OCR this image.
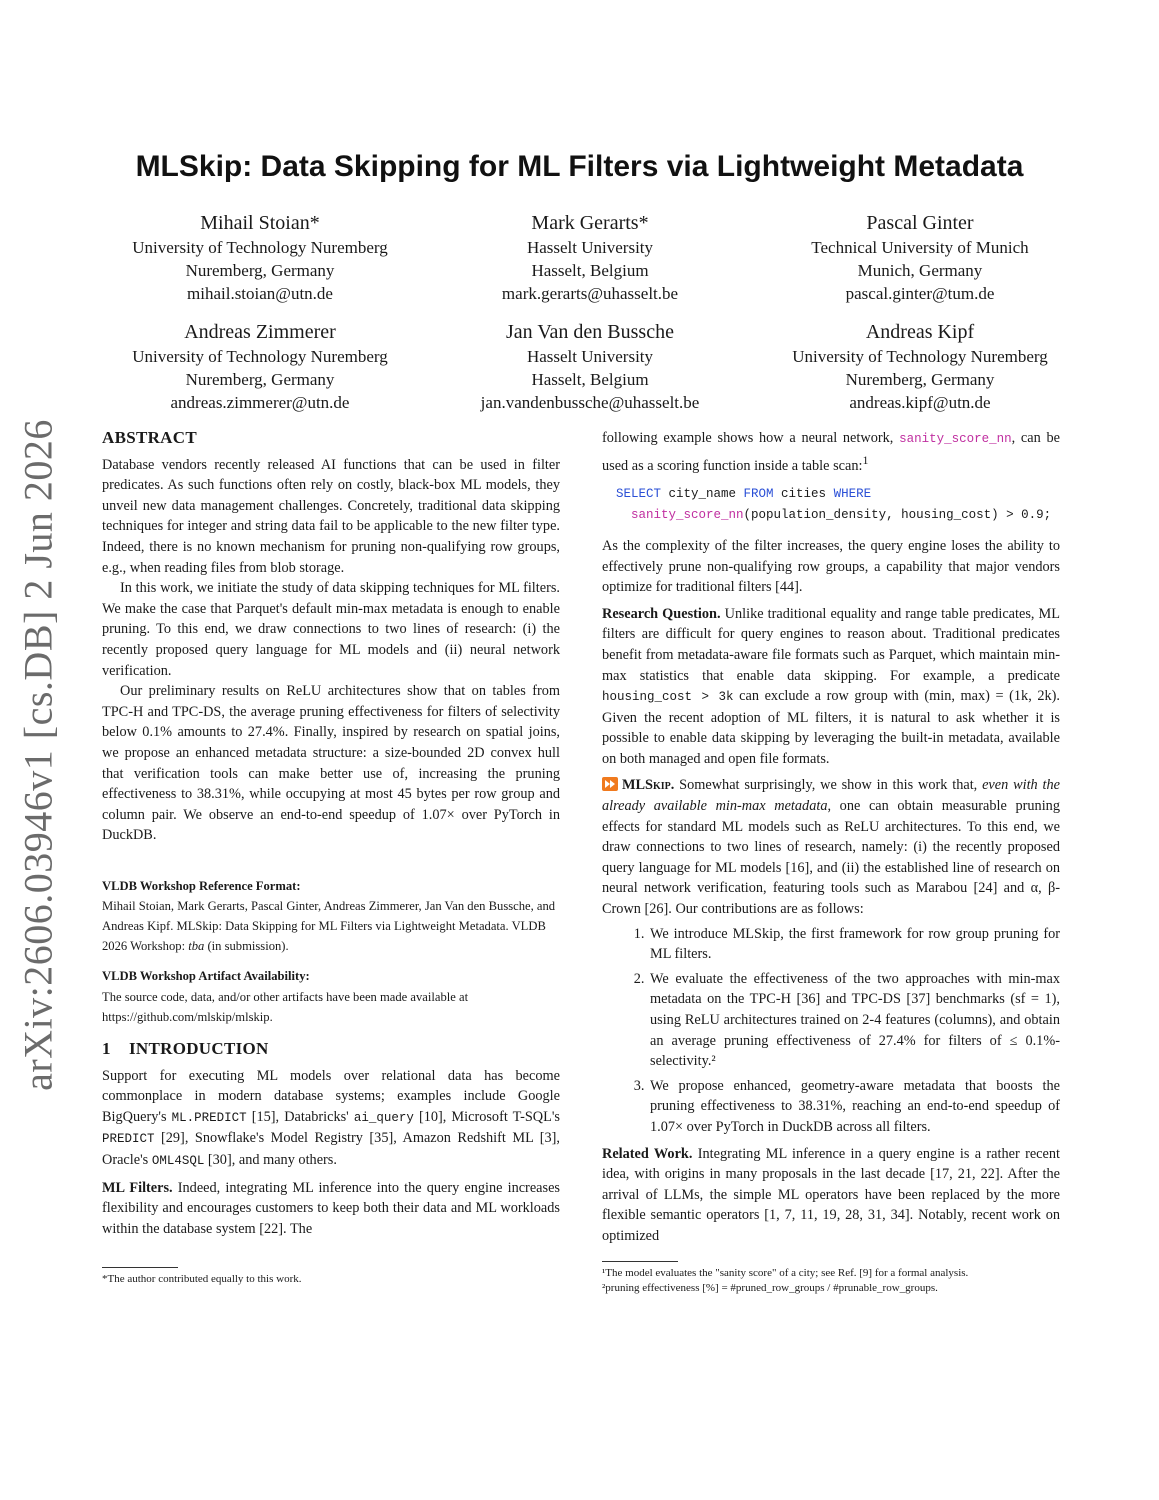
arXiv:2606.03946v1 [cs.DB] 2 Jun 2026
MLSkip: Data Skipping for ML Filters via Lightweight Metadata
Mihail Stoian*
University of Technology Nuremberg
Nuremberg, Germany
mihail.stoian@utn.de
Mark Gerarts*
Hasselt University
Hasselt, Belgium
mark.gerarts@uhasselt.be
Pascal Ginter
Technical University of Munich
Munich, Germany
pascal.ginter@tum.de
Andreas Zimmerer
University of Technology Nuremberg
Nuremberg, Germany
andreas.zimmerer@utn.de
Jan Van den Bussche
Hasselt University
Hasselt, Belgium
jan.vandenbussche@uhasselt.be
Andreas Kipf
University of Technology Nuremberg
Nuremberg, Germany
andreas.kipf@utn.de
ABSTRACT

Database vendors recently released AI functions that can be used in filter predicates. As such functions often rely on costly, black-box ML models, they unveil new data management challenges. Concretely, traditional data skipping techniques for integer and string data fail to be applicable to the new filter type. Indeed, there is no known mechanism for pruning non-qualifying row groups, e.g., when reading files from blob storage.

In this work, we initiate the study of data skipping techniques for ML filters. We make the case that Parquet's default min-max metadata is enough to enable pruning. To this end, we draw connections to two lines of research: (i) the recently proposed query language for ML models and (ii) neural network verification.

Our preliminary results on ReLU architectures show that on tables from TPC-H and TPC-DS, the average pruning effectiveness for filters of selectivity below 0.1% amounts to 27.4%. Finally, inspired by research on spatial joins, we propose an enhanced metadata structure: a size-bounded 2D convex hull that verification tools can make better use of, increasing the pruning effectiveness to 38.31%, while occupying at most 45 bytes per row group and column pair. We observe an end-to-end speedup of 1.07× over PyTorch in DuckDB.

VLDB Workshop Reference Format:
Mihail Stoian, Mark Gerarts, Pascal Ginter, Andreas Zimmerer, Jan Van den Bussche, and Andreas Kipf. MLSkip: Data Skipping for ML Filters via Lightweight Metadata. VLDB 2026 Workshop: tba (in submission).
VLDB Workshop Artifact Availability:
The source code, data, and/or other artifacts have been made available at https://github.com/mlskip/mlskip.
1    INTRODUCTION

Support for executing ML models over relational data has become commonplace in modern database systems; examples include Google BigQuery's ML.PREDICT [15], Databricks' ai_query [10], Microsoft T-SQL's PREDICT [29], Snowflake's Model Registry [35], Amazon Redshift ML [3], Oracle's OML4SQL [30], and many others.

ML Filters. Indeed, integrating ML inference into the query engine increases flexibility and encourages customers to keep both their data and ML workloads within the database system [22]. The

*The author contributed equally to this work.

following example shows how a neural network, sanity_score_nn, can be used as a scoring function inside a table scan:$^1$

SELECT city_name FROM cities WHERE
sanity_score_nn(population_density, housing_cost) > 0.9;

As the complexity of the filter increases, the query engine loses the ability to effectively prune non-qualifying row groups, a capability that major vendors optimize for traditional filters [44].

Research Question. Unlike traditional equality and range table predicates, ML filters are difficult for query engines to reason about. Traditional predicates benefit from metadata-aware file formats such as Parquet, which maintain min-max statistics that enable data skipping. For example, a predicate housing_cost > 3k can exclude a row group with (min, max) = (1k, 2k). Given the recent adoption of ML filters, it is natural to ask whether it is possible to enable data skipping by leveraging the built-in metadata, available on both managed and open file formats.

MLSkip. Somewhat surprisingly, we show in this work that, even with the already available min-max metadata, one can obtain measurable pruning effects for standard ML models such as ReLU architectures. To this end, we draw connections to two lines of research, namely: (i) the recently proposed query language for ML models [16], and (ii) the established line of research on neural network verification, featuring tools such as Marabou [24] and α, β-Crown [26]. Our contributions are as follows:

1. We introduce MLSkip, the first framework for row group pruning for ML filters.
2. We evaluate the effectiveness of the two approaches with min-max metadata on the TPC-H [36] and TPC-DS [37] benchmarks (sf = 1), using ReLU architectures trained on 2-4 features (columns), and obtain an average pruning effectiveness of 27.4% for filters of ≤ 0.1%-selectivity.²
3. We propose enhanced, geometry-aware metadata that boosts the pruning effectiveness to 38.31%, reaching an end-to-end speedup of 1.07× over PyTorch in DuckDB across all filters.

Related Work. Integrating ML inference in a query engine is a rather recent idea, with origins in many proposals in the last decade [17, 21, 22]. After the arrival of LLMs, the simple ML operators have been replaced by the more flexible semantic operators [1, 7, 11, 19, 28, 31, 34]. Notably, recent work on optimized

¹The model evaluates the "sanity score" of a city; see Ref. [9] for a formal analysis.
²pruning effectiveness [%] = #pruned_row_groups / #prunable_row_groups.
